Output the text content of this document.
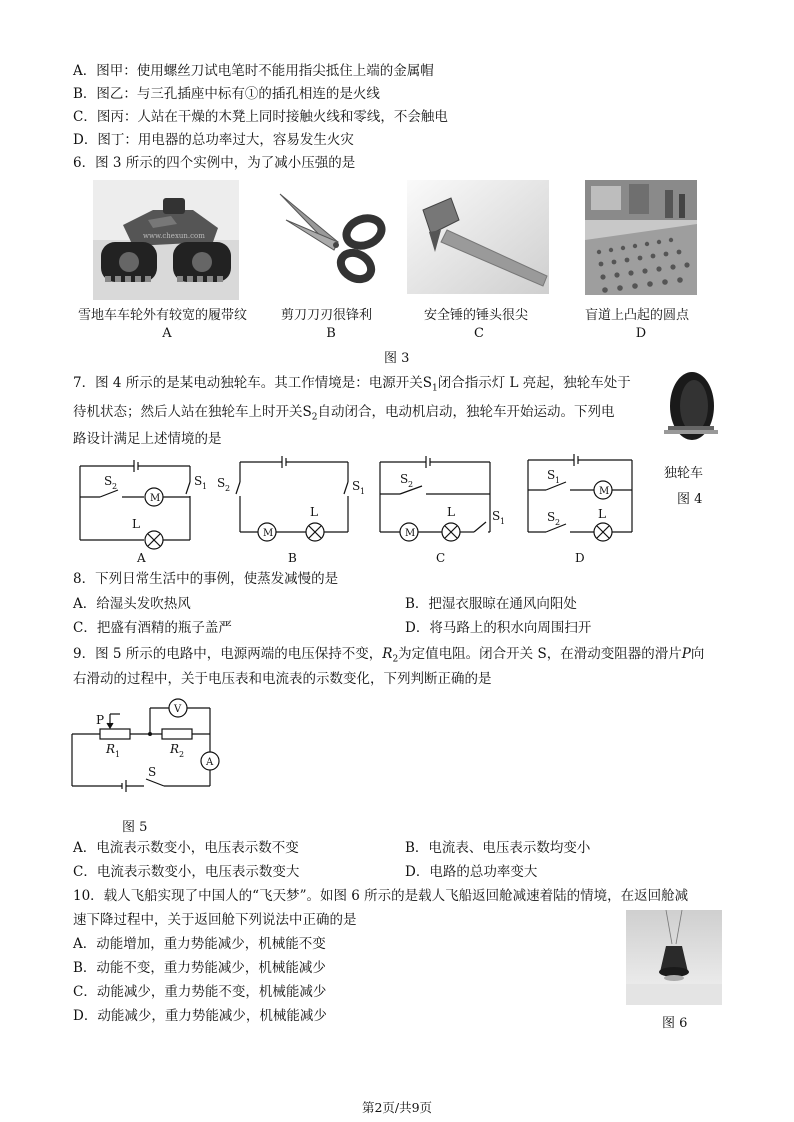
A．图甲：使用螺丝刀试电笔时不能用指尖抵住上端的金属帽
B．图乙：与三孔插座中标有①的插孔相连的是火线
C．图丙：人站在干燥的木凳上同时接触火线和零线，不会触电
D．图丁：用电器的总功率过大，容易发生火灾
6．图 3 所示的四个实例中，为了减小压强的是
www.chexun.com
雪地车车轮外有较宽的履带纹	剪刀刀刃很锋利	安全锤的锤头很尖	盲道上凸起的圆点
A	B	C	D
图 3
7．图 4 所示的是某电动独轮车。其工作情境是：电源开关$S_1$闭合指示灯 L 亮起，独轮车处于
待机状态；然后人站在独轮车上时开关$S_2$自动闭合，电动机启动，独轮车开始运动。下列电
路设计满足上述情境的是
独轮车
图 4
S 2	S 1
M
L
S 2	S 1
M
L
S 2
M
L	S 1
S 1
M
S 2
L
A	B	C	D
8．下列日常生活中的事例，使蒸发减慢的是
A．给湿头发吹热风	B．把湿衣服晾在通风向阳处
C．把盛有酒精的瓶子盖严	D．将马路上的积水向周围扫开
9．图 5 所示的电路中，电源两端的电压保持不变，$R_2$为定值电阻。闭合开关 S，在滑动变阻器的滑片P向
右滑动的过程中，关于电压表和电流表的示数变化，下列判断正确的是
P
R 1	R 2
V
A
S
图 5
A．电流表示数变小，电压表示数不变	B．电流表、电压表示数均变小
C．电流表示数变小，电压表示数变大	D．电路的总功率变大
10．载人飞船实现了中国人的“飞天梦”。如图 6 所示的是载人飞船返回舱减速着陆的情境，在返回舱减
速下降过程中，关于返回舱下列说法中正确的是
A．动能增加，重力势能减少，机械能不变
B．动能不变，重力势能减少，机械能减少
C．动能减少，重力势能不变，机械能减少
D．动能减少，重力势能减少，机械能减少	图 6
第2页/共9页
